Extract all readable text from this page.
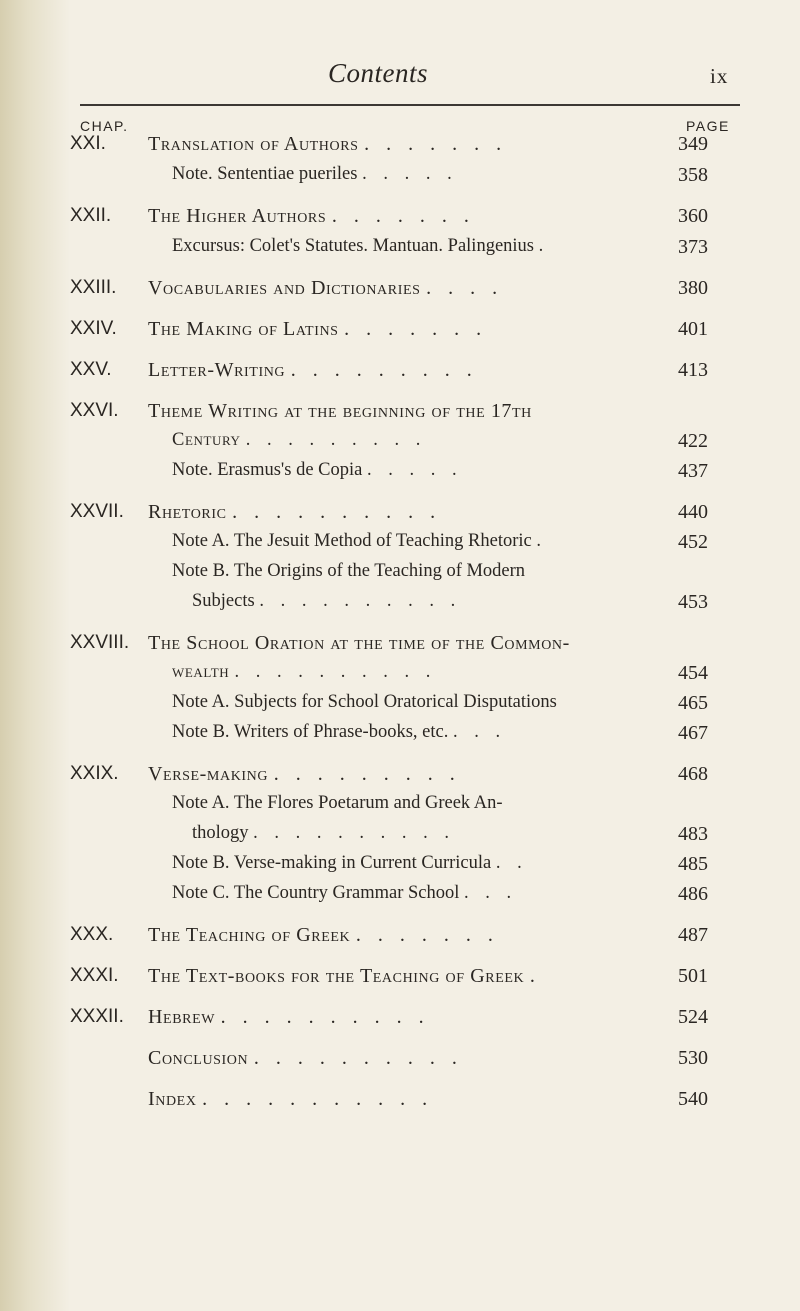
Contents	ix
CHAP.	PAGE
XXI. Translation of Authors . . . . . . .	349
Note. Sententiae pueriles . . . . .	358
XXII. The Higher Authors . . . . . . .	360
Excursus: Colet's Statutes. Mantuan. Palingenius .	373
XXIII. Vocabularies and Dictionaries . . . .	380
XXIV. The Making of Latins . . . . . . .	401
XXV. Letter-Writing . . . . . . . . .	413
XXVI. Theme Writing at the beginning of the 17th
Century . . . . . . . . .	422
Note. Erasmus's de Copia . . . . .	437
XXVII. Rhetoric . . . . . . . . . .	440
Note A. The Jesuit Method of Teaching Rhetoric .	452
Note B. The Origins of the Teaching of Modern
Subjects . . . . . . . . . .	453
XXVIII. The School Oration at the time of the Common-
wealth . . . . . . . . . .	454
Note A. Subjects for School Oratorical Disputations	465
Note B. Writers of Phrase-books, etc. . . .	467
XXIX. Verse-making . . . . . . . . .	468
Note A. The Flores Poetarum and Greek An-
thology . . . . . . . . . .	483
Note B. Verse-making in Current Curricula . .	485
Note C. The Country Grammar School . . .	486
XXX. The Teaching of Greek . . . . . . .	487
XXXI. The Text-books for the Teaching of Greek .	501
XXXII. Hebrew . . . . . . . . . .	524
Conclusion . . . . . . . . . .	530
Index . . . . . . . . . . .	540
